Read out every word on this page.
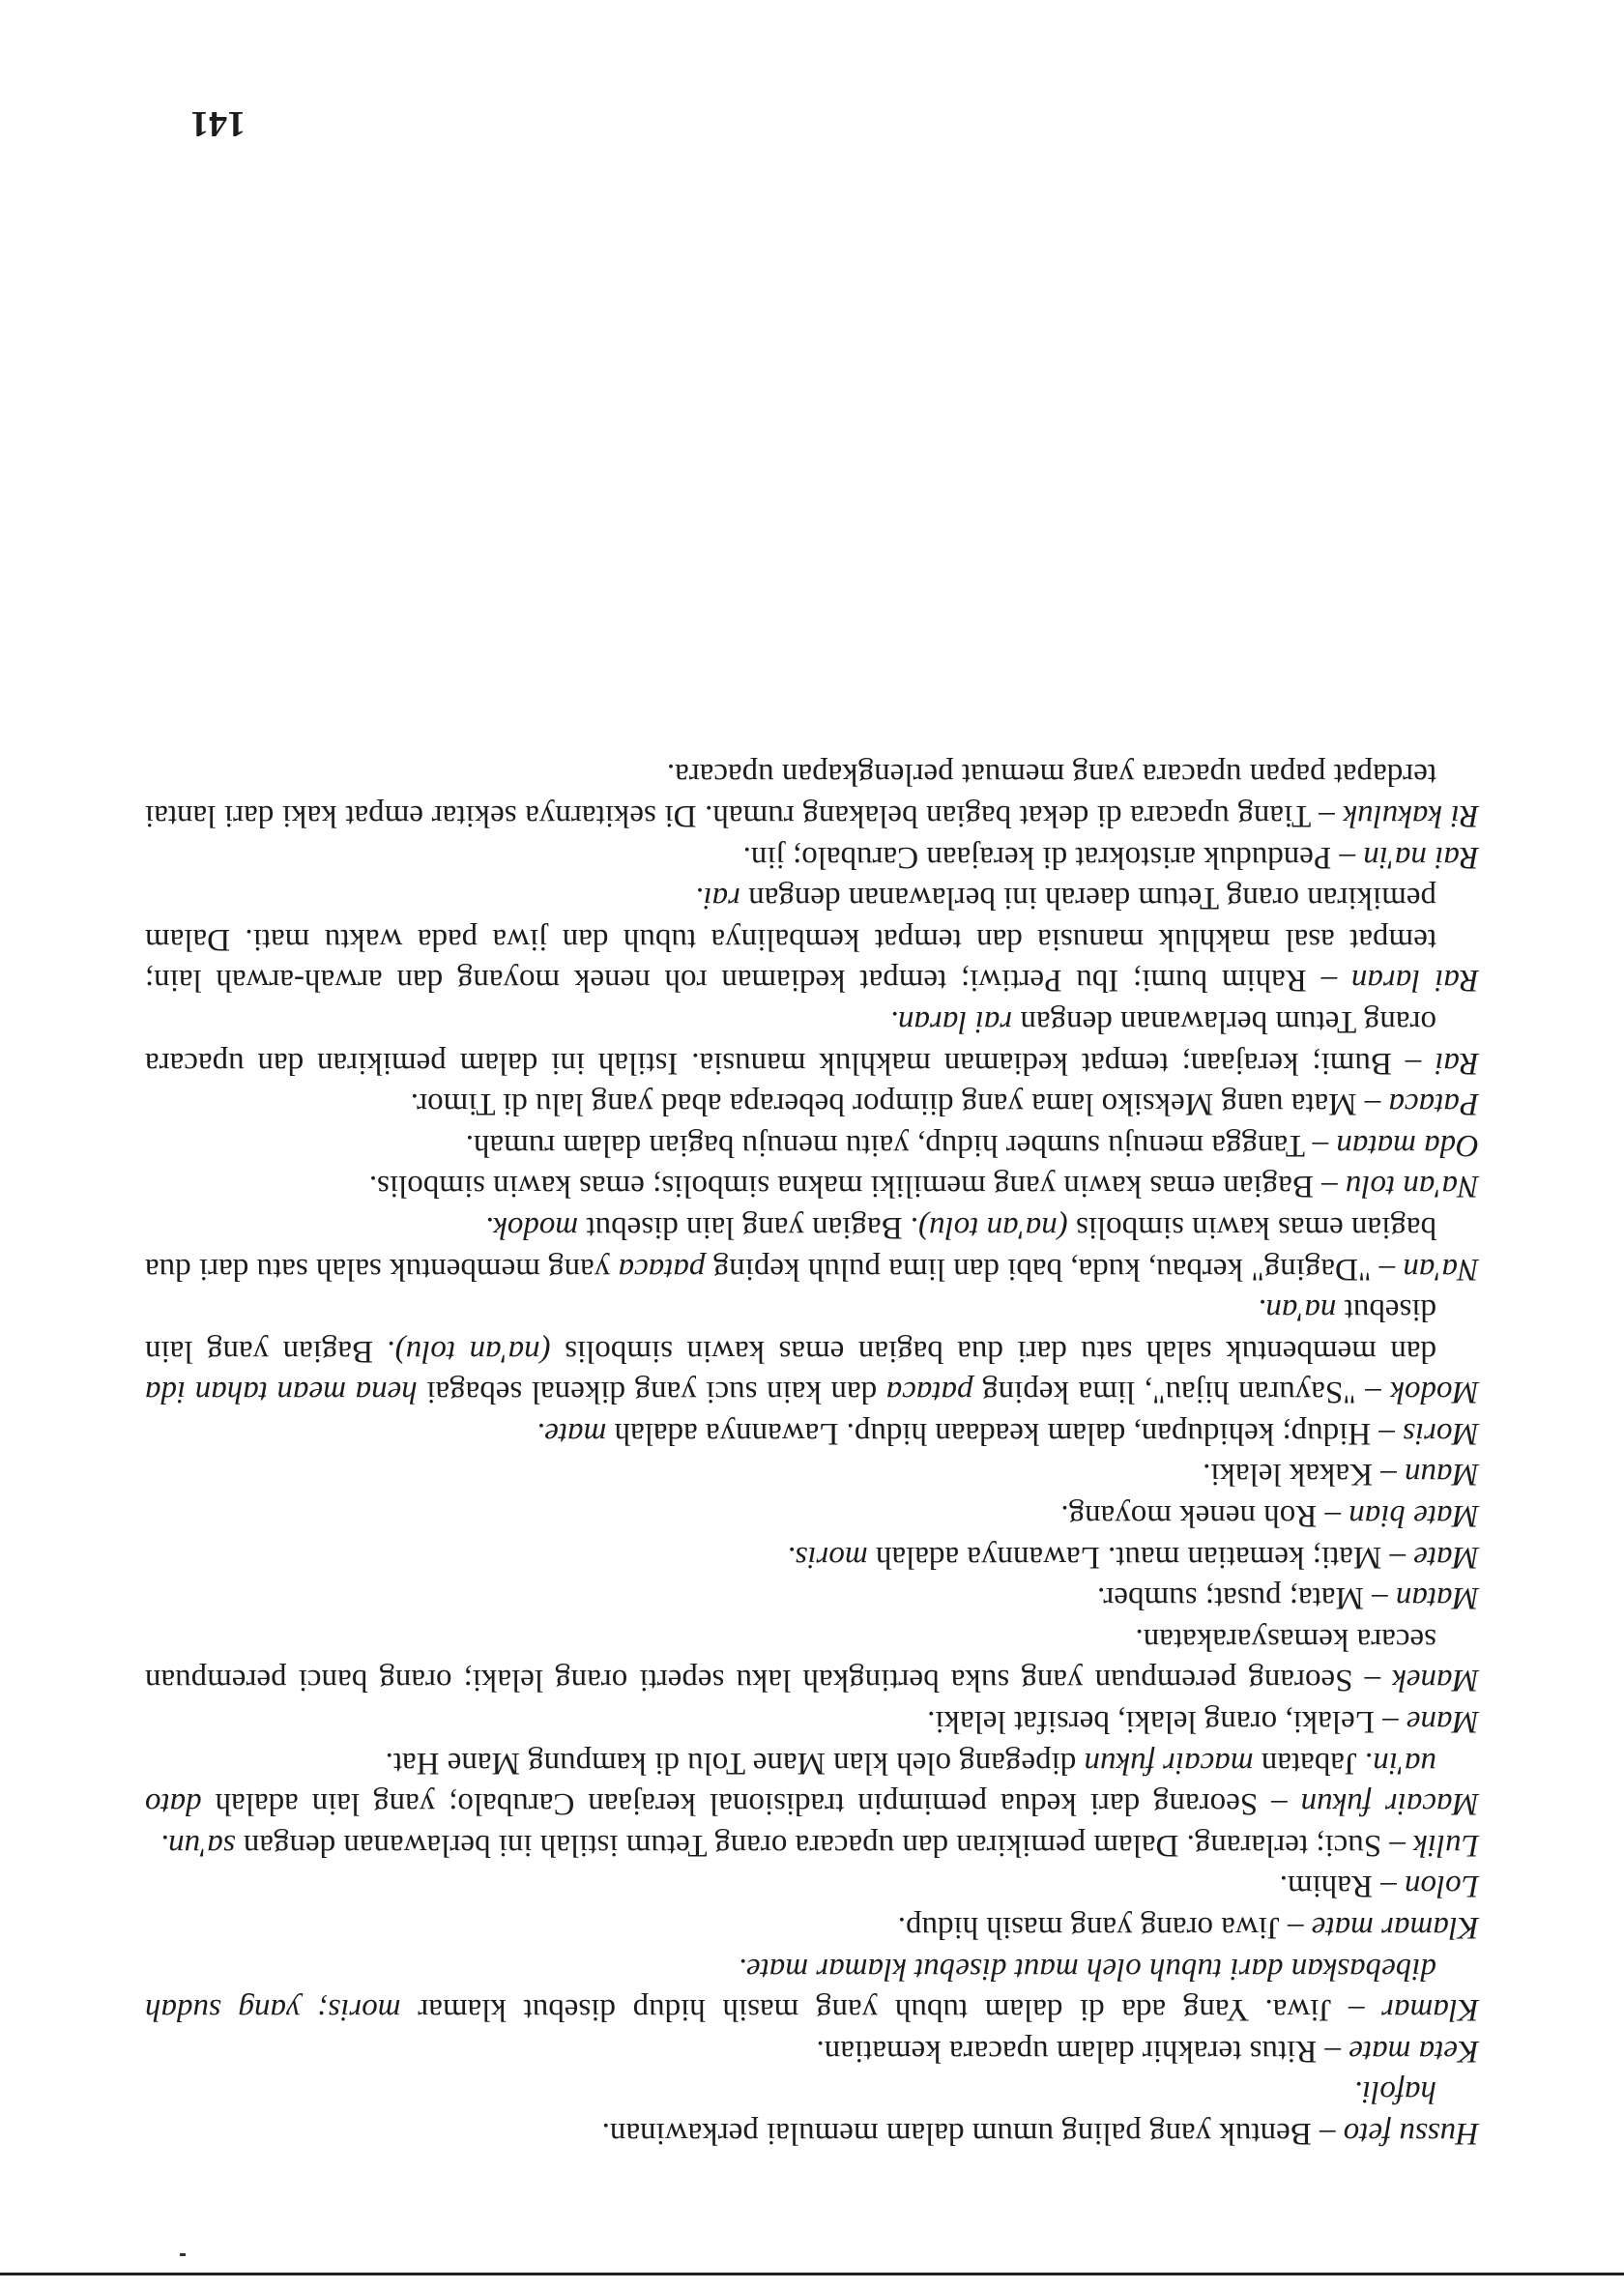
Hussu feto – Bentuk yang paling umum dalam memulai perkawinan.
hafoli.

Keta mate – Ritus terakhir dalam upacara kematian.

Klamar – Jiwa. Yang ada di dalam tubuh yang masih hidup disebut klamar moris; yang sudah dibebaskan dari tubuh oleh maut disebut klamar mate.

Klamar mate – Jiwa orang yang masih hidup.

Lolon – Rahim.

Lulik – Suci; terlarang. Dalam pemikiran dan upacara orang Tetum istilah ini berlawanan dengan sa'un.

Macair fukun – Seorang dari kedua pemimpin tradisional kerajaan Carubalo; yang lain adalah dato ua'in. Jabatan macair fukun dipegang oleh klan Mane Tolu di kampung Mane Hat.

Mane – Lelaki, orang lelaki, bersifat lelaki.

Manek – Seorang perempuan yang suka bertingkah laku seperti orang lelaki; orang banci perempuan secara kemasyarakatan.

Matan – Mata; pusat; sumber.

Mate – Mati; kematian maut. Lawannya adalah moris.

Mate bian – Roh nenek moyang.

Maun – Kakak lelaki.

Moris – Hidup; kehidupan, dalam keadaan hidup. Lawannya adalah mate.

Modok – "Sayuran hijau", lima keping pataca dan kain suci yang dikenal sebagai hena mean tahan ida dan membentuk salah satu dari dua bagian emas kawin simbolis (na'an tolu). Bagian yang lain disebut na'an.

Na'an – "Daging" kerbau, kuda, babi dan lima puluh keping pataca yang membentuk salah satu dari dua bagian emas kawin simbolis (na'an tolu). Bagian yang lain disebut modok.

Na'an tolu – Bagian emas kawin yang memiliki makna simbolis; emas kawin simbolis.

Oda matan – Tangga menuju sumber hidup, yaitu menuju bagian dalam rumah.

Pataca – Mata uang Meksiko lama yang diimpor beberapa abad yang lalu di Timor.

Rai – Bumi; kerajaan; tempat kediaman makhluk manusia. Istilah ini dalam pemikiran dan upacara orang Tetum berlawanan dengan rai laran.

Rai laran – Rahim bumi; Ibu Pertiwi; tempat kediaman roh nenek moyang dan arwah-arwah lain; tempat asal makhluk manusia dan tempat kembalinya tubuh dan jiwa pada waktu mati. Dalam pemikiran orang Tetum daerah ini berlawanan dengan rai.

Rai na'in – Penduduk aristokrat di kerajaan Carubalo; jin.

Ri kakuluk – Tiang upacara di dekat bagian belakang rumah. Di sekitarnya sekitar empat kaki dari lantai terdapat papan upacara yang memuat perlengkapan upacara.

141
